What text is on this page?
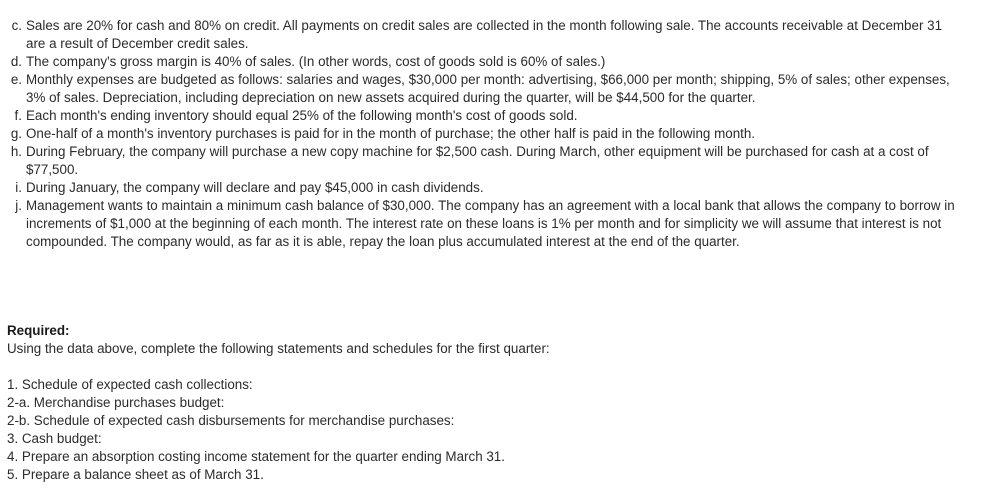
c. Sales are 20% for cash and 80% on credit. All payments on credit sales are collected in the month following sale. The accounts receivable at December 31 are a result of December credit sales.
d. The company's gross margin is 40% of sales. (In other words, cost of goods sold is 60% of sales.)
e. Monthly expenses are budgeted as follows: salaries and wages, $30,000 per month: advertising, $66,000 per month; shipping, 5% of sales; other expenses, 3% of sales. Depreciation, including depreciation on new assets acquired during the quarter, will be $44,500 for the quarter.
f. Each month's ending inventory should equal 25% of the following month's cost of goods sold.
g. One-half of a month's inventory purchases is paid for in the month of purchase; the other half is paid in the following month.
h. During February, the company will purchase a new copy machine for $2,500 cash. During March, other equipment will be purchased for cash at a cost of $77,500.
i. During January, the company will declare and pay $45,000 in cash dividends.
j. Management wants to maintain a minimum cash balance of $30,000. The company has an agreement with a local bank that allows the company to borrow in increments of $1,000 at the beginning of each month. The interest rate on these loans is 1% per month and for simplicity we will assume that interest is not compounded. The company would, as far as it is able, repay the loan plus accumulated interest at the end of the quarter.
Required:
Using the data above, complete the following statements and schedules for the first quarter:
1. Schedule of expected cash collections:
2-a. Merchandise purchases budget:
2-b. Schedule of expected cash disbursements for merchandise purchases:
3. Cash budget:
4. Prepare an absorption costing income statement for the quarter ending March 31.
5. Prepare a balance sheet as of March 31.
